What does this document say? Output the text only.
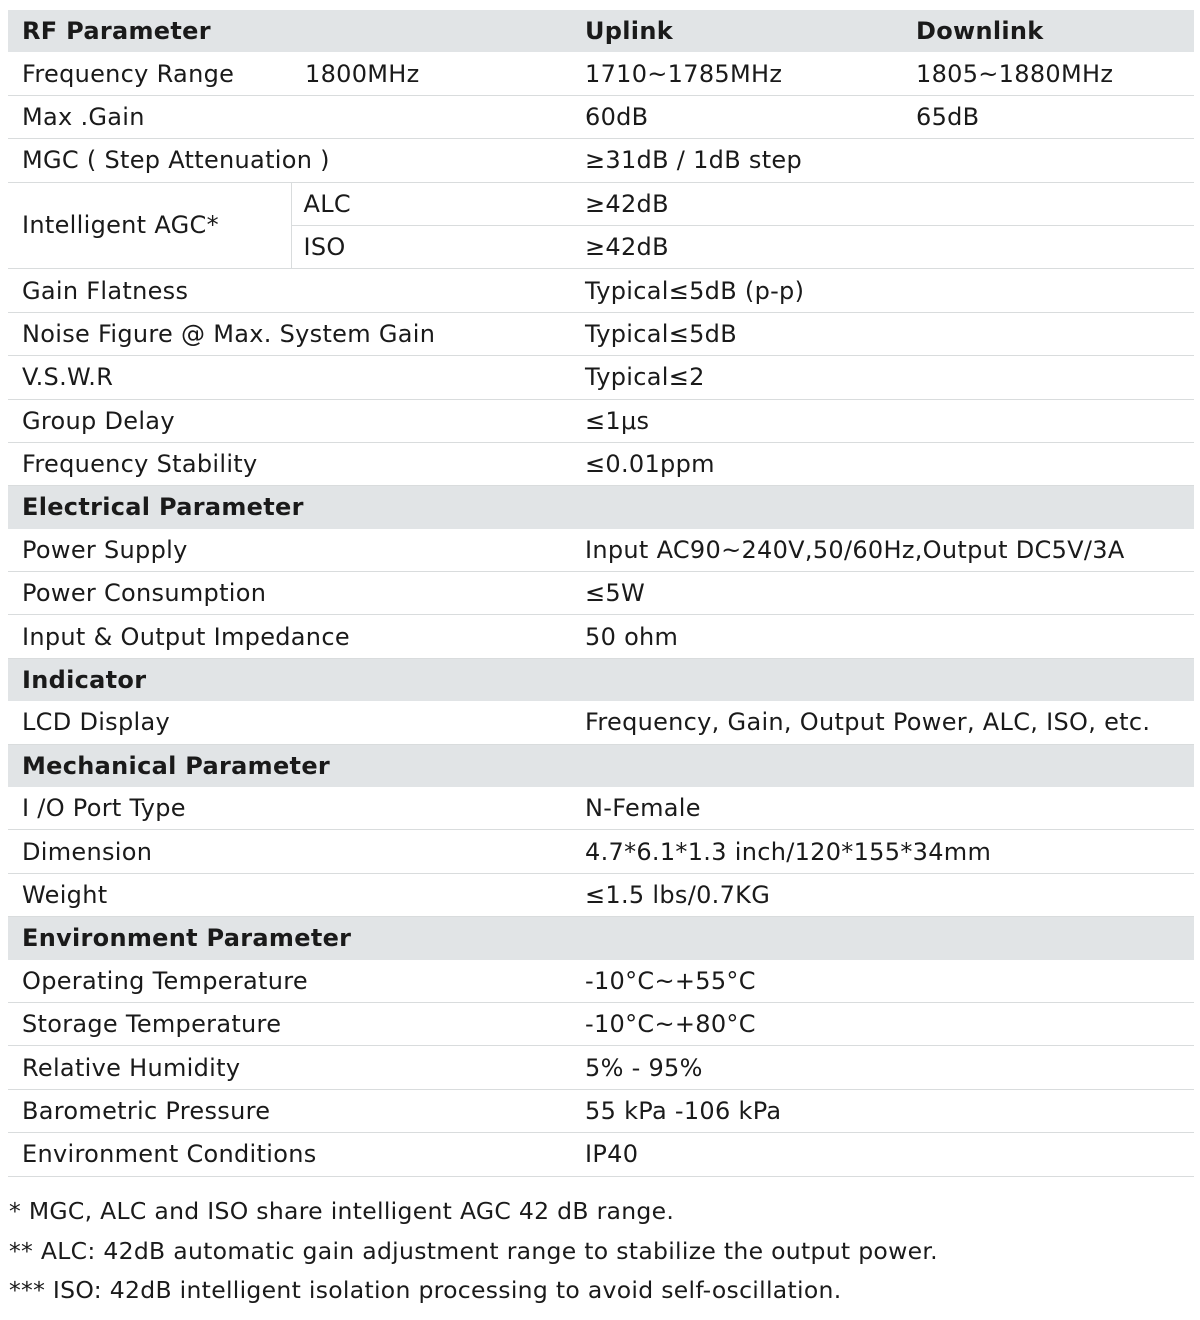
RF Parameter		Uplink	Downlink
Frequency Range	1800MHz	1710~1785MHz	1805~1880MHz
Max .Gain		60dB	65dB
MGC ( Step Attenuation )		≥31dB / 1dB step	
Intelligent AGC*	ALC	≥42dB	
	ISO	≥42dB	
Gain Flatness		Typical≤5dB (p-p)	
Noise Figure @ Max. System Gain		Typical≤5dB	
V.S.W.R		Typical≤2	
Group Delay		≤1μs	
Frequency Stability		≤0.01ppm	
Electrical Parameter			
Power Supply		Input AC90~240V,50/60Hz,Output DC5V/3A	
Power Consumption		≤5W	
Input & Output Impedance		50 ohm	
Indicator			
LCD Display		Frequency, Gain, Output Power, ALC, ISO, etc.	
Mechanical Parameter			
I /O Port Type		N-Female	
Dimension		4.7*6.1*1.3 inch/120*155*34mm	
Weight		≤1.5 lbs/0.7KG	
Environment Parameter			
Operating Temperature		-10°C~+55°C	
Storage Temperature		-10°C~+80°C	
Relative Humidity		5% - 95%	
Barometric Pressure		55 kPa -106 kPa	
Environment Conditions		IP40	
* MGC, ALC and ISO share intelligent AGC 42 dB range.
** ALC: 42dB automatic gain adjustment range to stabilize the output power.
*** ISO: 42dB intelligent isolation processing to avoid self-oscillation.
